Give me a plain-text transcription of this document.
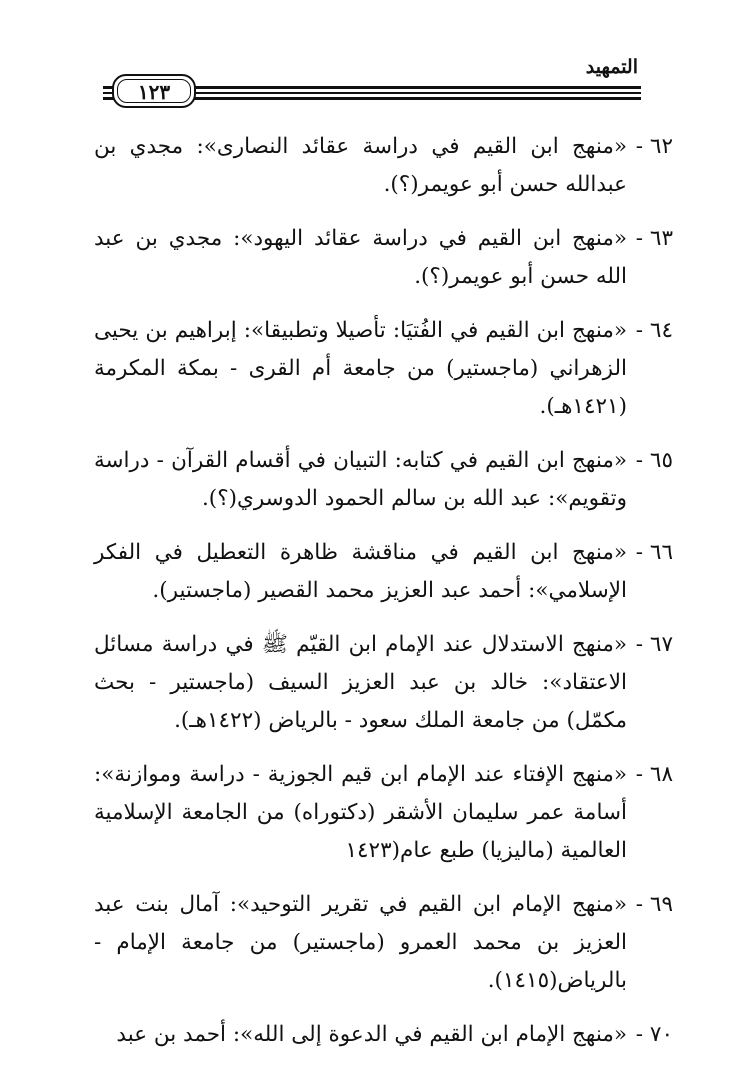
التمهيد
١٢٣
٦٢ -
«منهج ابن القيم في دراسة عقائد النصارى»: مجدي بن عبدالله حسن أبو عويمر(؟).
٦٣ -
«منهج ابن القيم في دراسة عقائد اليهود»: مجدي بن عبد الله حسن أبو عويمر(؟).
٦٤ -
«منهج ابن القيم في الفُتيَا: تأصيلا وتطبيقا»: إبراهيم بن يحيى الزهراني (ماجستير) من جامعة أم القرى - بمكة المكرمة (١٤٢١هـ).
٦٥ -
«منهج ابن القيم في كتابه: التبيان في أقسام القرآن - دراسة وتقويم»: عبد الله بن سالم الحمود الدوسري(؟).
٦٦ -
«منهج ابن القيم في مناقشة ظاهرة التعطيل في الفكر الإسلامي»: أحمد عبد العزيز محمد القصير (ماجستير).
٦٧ -
«منهج الاستدلال عند الإمام ابن القيّم ﷺ في دراسة مسائل الاعتقاد»: خالد بن عبد العزيز السيف (ماجستير - بحث مكمّل) من جامعة الملك سعود - بالرياض (١٤٢٢هـ).
٦٨ -
«منهج الإفتاء عند الإمام ابن قيم الجوزية - دراسة وموازنة»: أسامة عمر سليمان الأشقر (دكتوراه) من الجامعة الإسلامية العالمية (ماليزيا) طبع عام(١٤٢٣
٦٩ -
«منهج الإمام ابن القيم في تقرير التوحيد»: آمال بنت عبد العزيز بن محمد العمرو (ماجستير) من جامعة الإمام - بالرياض(١٤١٥).
٧٠ -
«منهج الإمام ابن القيم في الدعوة إلى الله»: أحمد بن عبد
